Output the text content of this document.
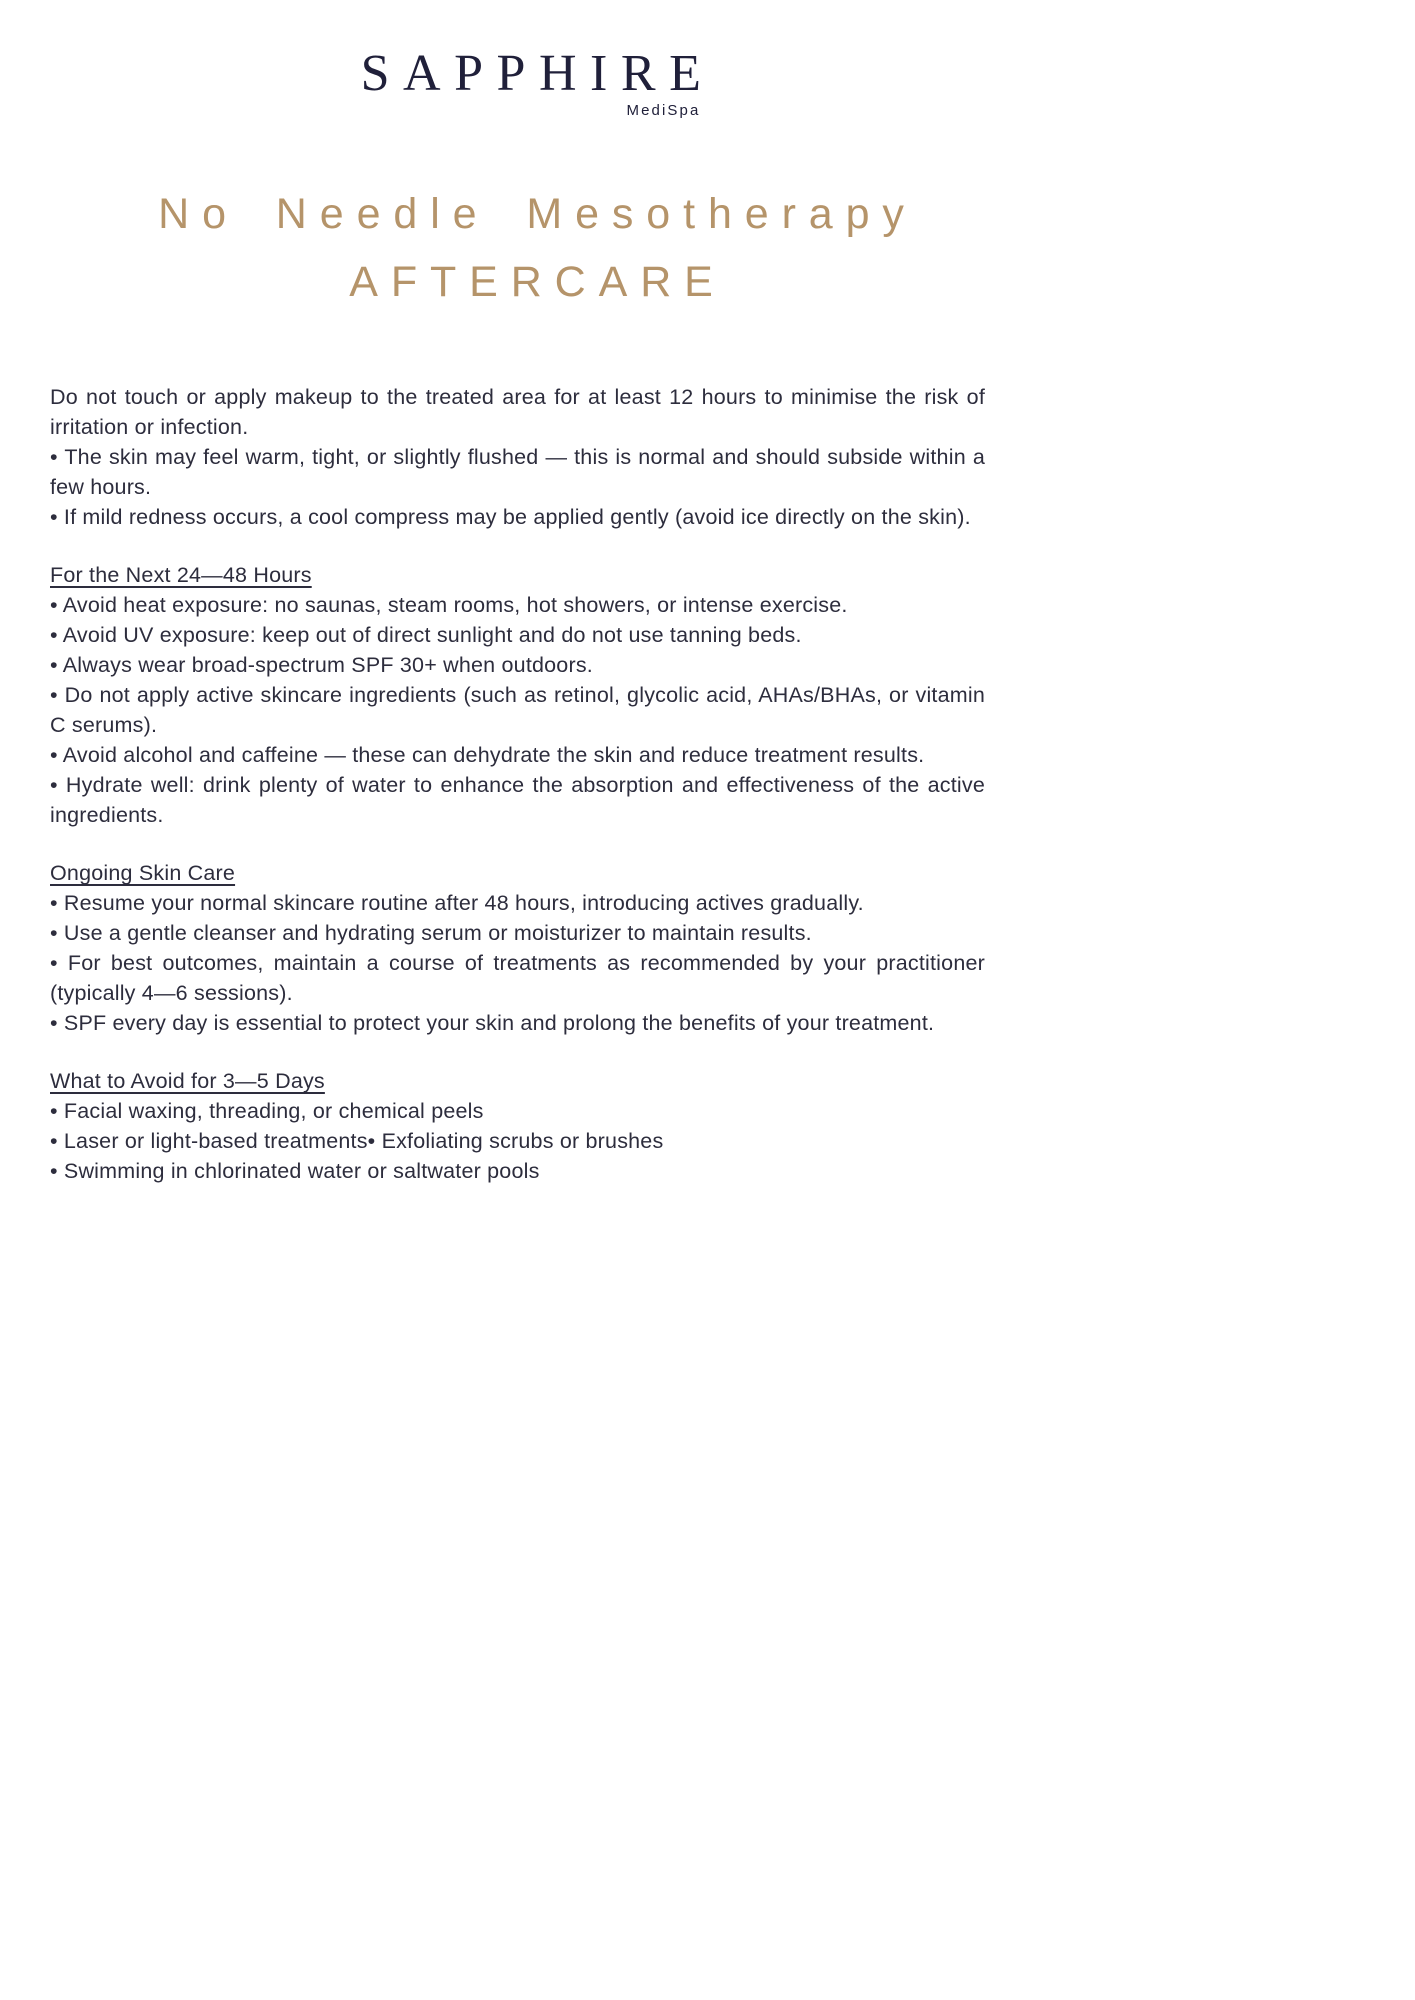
SAPPHIRE
MediSpa
No Needle Mesotherapy
AFTERCARE

Do not touch or apply makeup to the treated area for at least 12 hours to minimise the risk of irritation or infection.

• The skin may feel warm, tight, or slightly flushed — this is normal and should subside within a few hours.

• If mild redness occurs, a cool compress may be applied gently (avoid ice directly on the skin).

For the Next 24—48 Hours

• Avoid heat exposure: no saunas, steam rooms, hot showers, or intense exercise.

• Avoid UV exposure: keep out of direct sunlight and do not use tanning beds.

• Always wear broad-spectrum SPF 30+ when outdoors.

• Do not apply active skincare ingredients (such as retinol, glycolic acid, AHAs/BHAs, or vitamin C serums).

• Avoid alcohol and caffeine — these can dehydrate the skin and reduce treatment results.

• Hydrate well: drink plenty of water to enhance the absorption and effectiveness of the active ingredients.

Ongoing Skin Care

• Resume your normal skincare routine after 48 hours, introducing actives gradually.

• Use a gentle cleanser and hydrating serum or moisturizer to maintain results.

• For best outcomes, maintain a course of treatments as recommended by your practitioner (typically 4—6 sessions).

• SPF every day is essential to protect your skin and prolong the benefits of your treatment.

What to Avoid for 3—5 Days

• Facial waxing, threading, or chemical peels

• Laser or light-based treatments• Exfoliating scrubs or brushes

• Swimming in chlorinated water or saltwater pools
